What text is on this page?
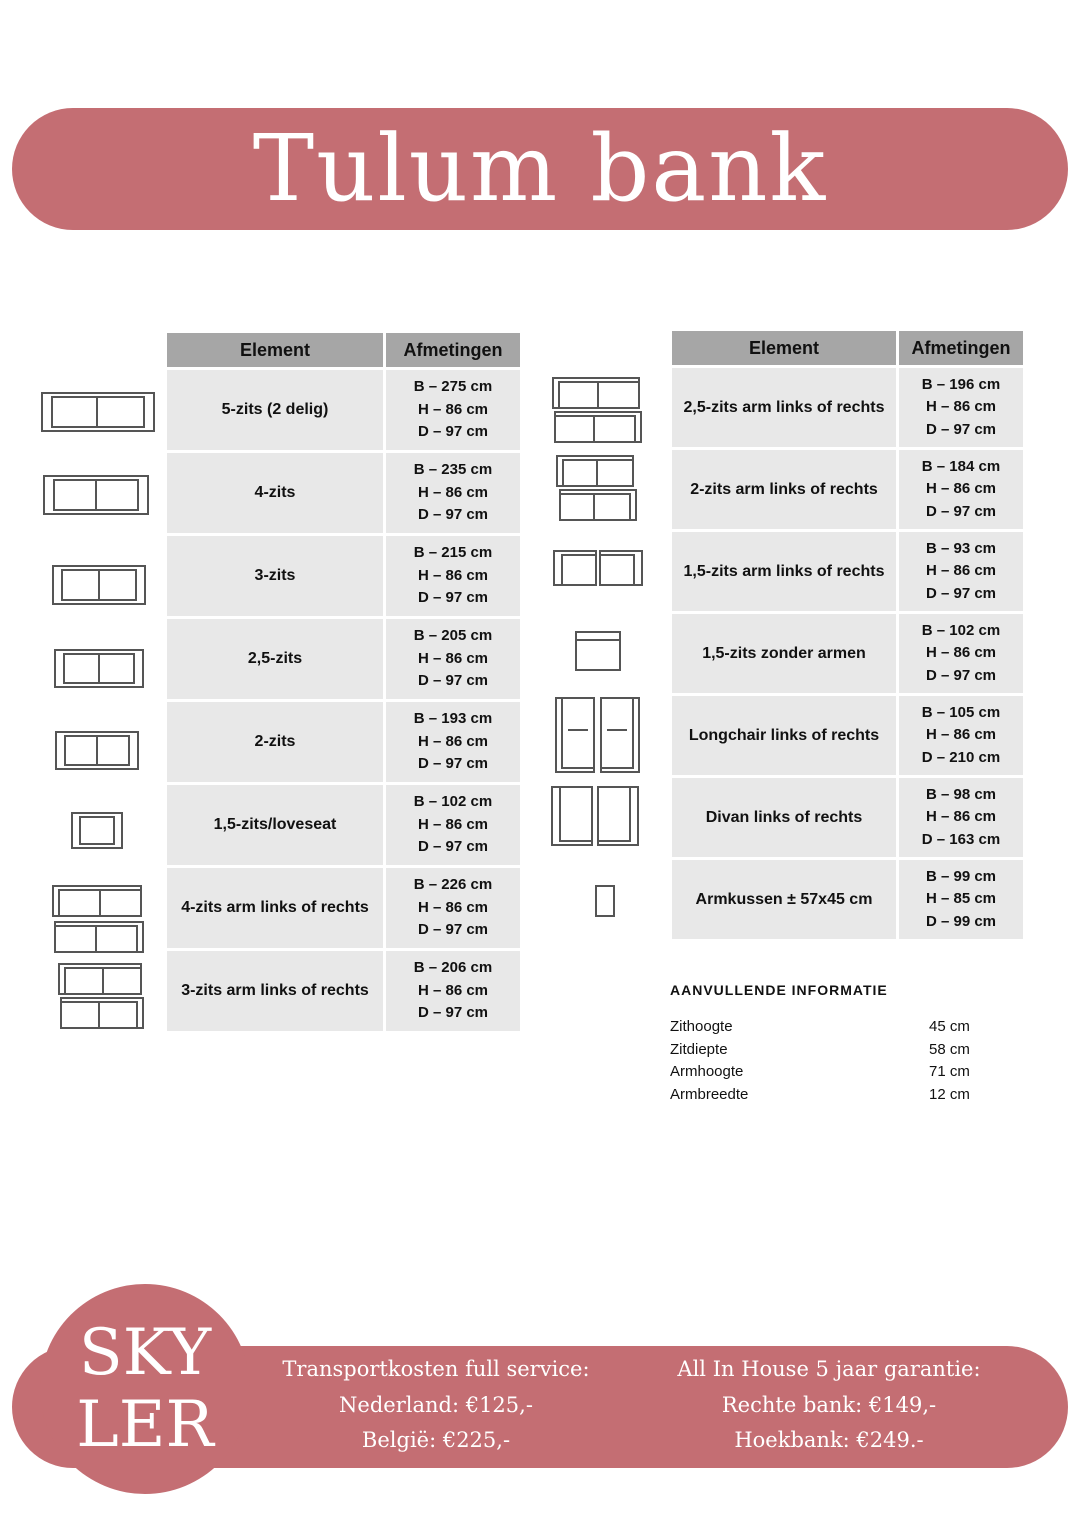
Tulum bank
Element	Afmetingen
5-zits (2 delig)	B – 275 cm
H – 86 cm
D – 97 cm

4-zits	B – 235 cm
H – 86 cm
D – 97 cm

3-zits	B – 215 cm
H – 86 cm
D – 97 cm

2,5-zits	B – 205 cm
H – 86 cm
D – 97 cm

2-zits	B – 193 cm
H – 86 cm
D – 97 cm

1,5-zits/loveseat	B – 102 cm
H – 86 cm
D – 97 cm

4-zits arm links of rechts	B – 226 cm
H – 86 cm
D – 97 cm

3-zits arm links of rechts	B – 206 cm
H – 86 cm
D – 97 cm
Element	Afmetingen
2,5-zits arm links of rechts	B – 196 cm
H – 86 cm
D – 97 cm

2-zits arm links of rechts	B – 184 cm
H – 86 cm
D – 97 cm

1,5-zits arm links of rechts	B – 93 cm
H – 86 cm
D – 97 cm

1,5-zits zonder armen	B – 102 cm
H – 86 cm
D – 97 cm

Longchair links of rechts	B – 105 cm
H – 86 cm
D – 210 cm

Divan links of rechts	B – 98 cm
H – 86 cm
D – 163 cm

Armkussen ± 57x45 cm	B – 99 cm
H – 85 cm
D – 99 cm
AANVULLENDE INFORMATIE
Zithoogte	45 cm
Zitdiepte	58 cm
Armhoogte	71 cm
Armbreedte	12 cm
SKY
LER
Transportkosten full service:
Nederland: €125,-
België: €225,-
All In House 5 jaar garantie:
Rechte bank: €149,-
Hoekbank: €249.-
